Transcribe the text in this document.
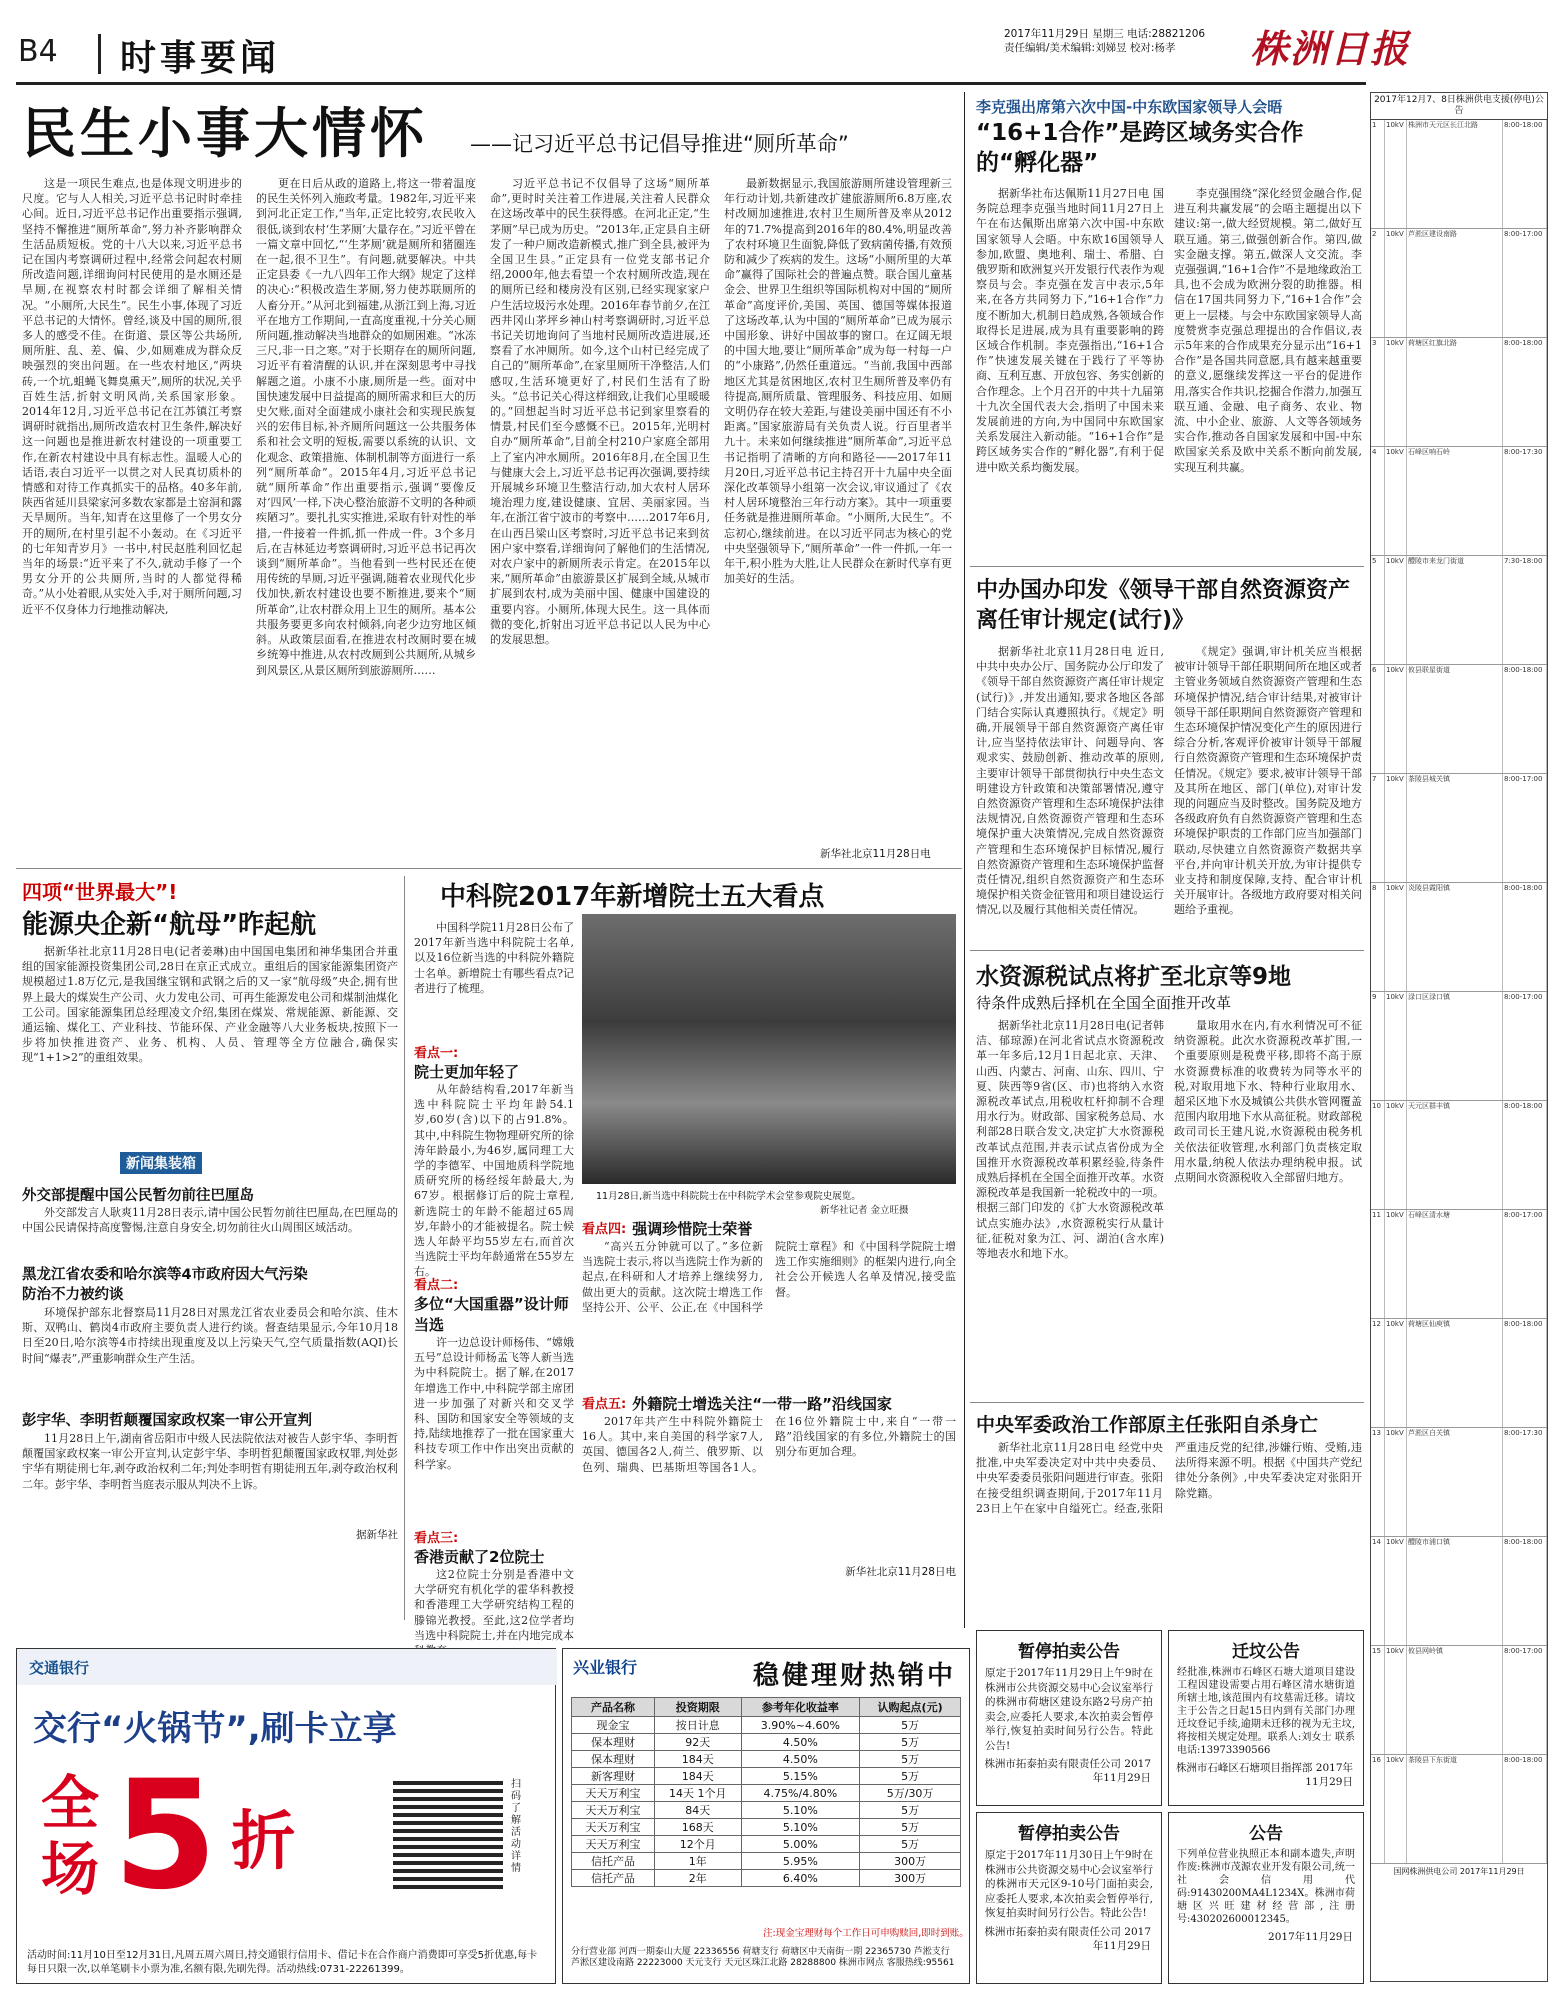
B4 时事要闻
2017年11月29日 星期三 电话:28821206
责任编辑/美术编辑:刘娣昱 校对:杨孝 株洲日报
民生小事大情怀 ——记习近平总书记倡导推进“厕所革命”

这是一项民生难点,也是体现文明进步的尺度。它与人人相关,习近平总书记时时牵挂心间。近日,习近平总书记作出重要指示强调,坚持不懈推进“厕所革命”,努力补齐影响群众生活品质短板。党的十八大以来,习近平总书记在国内考察调研过程中,经常会问起农村厕所改造问题,详细询问村民使用的是水厕还是旱厕,在视察农村时都会详细了解相关情况。“小厕所,大民生”。民生小事,体现了习近平总书记的大情怀。曾经,谈及中国的厕所,很多人的感受不佳。在街道、景区等公共场所,厕所脏、乱、差、偏、少,如厕难成为群众反映强烈的突出问题。在一些农村地区,“两块砖,一个坑,蛆蝇飞舞臭熏天”,厕所的状况,关乎百姓生活,折射文明风尚,关系国家形象。2014年12月,习近平总书记在江苏镇江考察调研时就指出,厕所改造农村卫生条件,解决好这一问题也是推进新农村建设的一项重要工作,在新农村建设中具有标志性。温暖人心的话语,表白习近平一以贯之对人民真切质朴的情感和对待工作真抓实干的品格。40多年前,陕西省延川县梁家河多数农家都是土窑洞和露天旱厕所。当年,知青在这里修了一个男女分开的厕所,在村里引起不小轰动。在《习近平的七年知青岁月》一书中,村民赵胜利回忆起当年的场景:“近平来了不久,就动手修了一个男女分开的公共厕所,当时的人都觉得稀奇。”从小处着眼,从实处入手,对于厕所问题,习近平不仅身体力行地推动解决,

更在日后从政的道路上,将这一带着温度的民生关怀列入施政考量。1982年,习近平来到河北正定工作,“当年,正定比较穷,农民收入很低,谈到农村‘生茅厕’大量存在。”习近平曾在一篇文章中回忆,“‘生茅厕’就是厕所和猪圈连在一起,很不卫生”。有问题,就要解决。中共正定县委《一九八四年工作大纲》规定了这样的决心:“积极改造生茅厕,努力使苏联厕所的人畜分开。”从河北到福建,从浙江到上海,习近平在地方工作期间,一直高度重视,十分关心厕所问题,推动解决当地群众的如厕困难。“冰冻三尺,非一日之寒。”对于长期存在的厕所问题,习近平有着清醒的认识,并在深刻思考中寻找解题之道。小康不小康,厕所是一些。面对中国快速发展中日益提高的厕所需求和巨大的历史欠账,面对全面建成小康社会和实现民族复兴的宏伟目标,补齐厕所问题这一公共服务体系和社会文明的短板,需要以系统的认识、文化观念、政策措施、体制机制等方面进行一系列“厕所革命”。2015年4月,习近平总书记就“厕所革命”作出重要指示,强调“要像反对‘四风’一样,下决心整治旅游不文明的各种顽疾陋习”。要扎扎实实推进,采取有针对性的举措,一件接着一件抓,抓一件成一件。3个多月后,在吉林延边考察调研时,习近平总书记再次谈到“厕所革命”。当他看到一些村民还在使用传统的旱厕,习近平强调,随着农业现代化步伐加快,新农村建设也要不断推进,要来个“厕所革命”,让农村群众用上卫生的厕所。基本公共服务要更多向农村倾斜,向老少边穷地区倾斜。从政策层面看,在推进农村改厕时要在城乡统筹中推进,从农村改厕到公共厕所,从城乡到风景区,从景区厕所到旅游厕所……

习近平总书记不仅倡导了这场“厕所革命”,更时时关注着工作进展,关注着人民群众在这场改革中的民生获得感。在河北正定,“生茅厕”早已成为历史。“2013年,正定县自主研发了一种户厕改造新模式,推广到全县,被评为全国卫生县。”正定县有一位党支部书记介绍,2000年,他去看望一个农村厕所改造,现在的厕所已经和楼房没有区别,已经实现家家户户生活垃圾污水处理。2016年春节前夕,在江西井冈山茅坪乡神山村考察调研时,习近平总书记关切地询问了当地村民厕所改造进展,还察看了水冲厕所。如今,这个山村已经完成了自己的“厕所革命”,在家里厕所干净整洁,人们感叹,生活环境更好了,村民们生活有了盼头。“总书记关心得这样细致,让我们心里暖暖的。”回想起当时习近平总书记到家里察看的情景,村民们至今感慨不已。2015年,光明村自办“厕所革命”,目前全村210户家庭全部用上了室内冲水厕所。2016年8月,在全国卫生与健康大会上,习近平总书记再次强调,要持续开展城乡环境卫生整洁行动,加大农村人居环境治理力度,建设健康、宜居、美丽家园。当年,在浙江省宁波市的考察中……2017年6月,在山西吕梁山区考察时,习近平总书记来到贫困户家中察看,详细询问了解他们的生活情况,对农户家中的新厕所表示肯定。在2015年以来,“厕所革命”由旅游景区扩展到全域,从城市扩展到农村,成为美丽中国、健康中国建设的重要内容。小厕所,体现大民生。这一具体而微的变化,折射出习近平总书记以人民为中心的发展思想。

最新数据显示,我国旅游厕所建设管理新三年行动计划,共新建改扩建旅游厕所6.8万座,农村改厕加速推进,农村卫生厕所普及率从2012年的71.7%提高到2016年的80.4%,明显改善了农村环境卫生面貌,降低了致病菌传播,有效预防和减少了疾病的发生。这场“小厕所里的大革命”赢得了国际社会的普遍点赞。联合国儿童基金会、世界卫生组织等国际机构对中国的“厕所革命”高度评价,美国、英国、德国等媒体报道了这场改革,认为中国的“厕所革命”已成为展示中国形象、讲好中国故事的窗口。在辽阔无垠的中国大地,要让“厕所革命”成为每一村每一户的“小康路”,仍然任重道远。“当前,我国中西部地区尤其是贫困地区,农村卫生厕所普及率仍有待提高,厕所质量、管理服务、科技应用、如厕文明仍存在较大差距,与建设美丽中国还有不小距离。”国家旅游局有关负责人说。行百里者半九十。未来如何继续推进“厕所革命”,习近平总书记指明了清晰的方向和路径——2017年11月20日,习近平总书记主持召开十九届中央全面深化改革领导小组第一次会议,审议通过了《农村人居环境整治三年行动方案》。其中一项重要任务就是推进厕所革命。“小厕所,大民生”。不忘初心,继续前进。在以习近平同志为核心的党中央坚强领导下,“厕所革命”一件一件抓,一年一年干,积小胜为大胜,让人民群众在新时代享有更加美好的生活。

新华社北京11月28日电
四项“世界最大”!
能源央企新“航母”昨起航

据新华社北京11月28日电(记者姜琳)由中国国电集团和神华集团合并重组的国家能源投资集团公司,28日在京正式成立。重组后的国家能源集团资产规模超过1.8万亿元,是我国继宝钢和武钢之后的又一家“航母级”央企,拥有世界上最大的煤炭生产公司、火力发电公司、可再生能源发电公司和煤制油煤化工公司。国家能源集团总经理凌文介绍,集团在煤炭、常规能源、新能源、交通运输、煤化工、产业科技、节能环保、产业金融等八大业务板块,按照下一步将加快推进资产、业务、机构、人员、管理等全方位融合,确保实现“1+1>2”的重组效果。

新闻集装箱
外交部提醒中国公民暂勿前往巴厘岛

外交部发言人耿爽11月28日表示,请中国公民暂勿前往巴厘岛,在巴厘岛的中国公民请保持高度警惕,注意自身安全,切勿前往火山周围区域活动。

黑龙江省农委和哈尔滨等4市政府因大气污染防治不力被约谈

环境保护部东北督察局11月28日对黑龙江省农业委员会和哈尔滨、佳木斯、双鸭山、鹤岗4市政府主要负责人进行约谈。督查结果显示,今年10月18日至20日,哈尔滨等4市持续出现重度及以上污染天气,空气质量指数(AQI)长时间“爆表”,严重影响群众生产生活。

彭宇华、李明哲颠覆国家政权案一审公开宣判

11月28日上午,湖南省岳阳市中级人民法院依法对被告人彭宇华、李明哲颠覆国家政权案一审公开宣判,认定彭宇华、李明哲犯颠覆国家政权罪,判处彭宇华有期徒刑七年,剥夺政治权利二年;判处李明哲有期徒刑五年,剥夺政治权利二年。彭宇华、李明哲当庭表示服从判决不上诉。

据新华社
中科院2017年新增院士五大看点

中国科学院11月28日公布了2017年新当选中科院院士名单,以及16位新当选的中科院外籍院士名单。新增院士有哪些看点?记者进行了梳理。

11月28日,新当选中科院院士在中科院学术会堂参观院史展览。
新华社记者 金立旺摄
看点一:
院士更加年轻了

从年龄结构看,2017年新当选中科院院士平均年龄54.1岁,60岁(含)以下的占91.8%。其中,中科院生物物理研究所的徐涛年龄最小,为46岁,属同理工大学的李德军、中国地质科学院地质研究所的杨经绥年龄最大,为67岁。根据修订后的院士章程,新选院士的年龄不能超过65周岁,年龄小的才能被提名。院士候选人年龄平均55岁左右,而首次当选院士平均年龄通常在55岁左右。

看点二:
多位“大国重器”设计师当选

许一边总设计师杨伟、“嫦娥五号”总设计师杨孟飞等人新当选为中科院院士。据了解,在2017年增选工作中,中科院学部主席团进一步加强了对新兴和交叉学科、国防和国家安全等领域的支持,陆续地推荐了一批在国家重大科技专项工作中作出突出贡献的科学家。

看点三:
香港贡献了2位院士

这2位院士分别是香港中文大学研究有机化学的霍华科教授和香港理工大学研究结构工程的滕锦光教授。至此,这2位学者均当选中科院院士,并在内地完成本

看点四: 强调珍惜院士荣誉

“高兴五分钟就可以了。”多位新当选院士表示,将以当选院士作为新的起点,在科研和人才培养上继续努力,做出更大的贡献。这次院士增选工作坚持公开、公平、公正,在《中国科学院院士章程》和《中国科学院院士增选工作实施细则》的框架内进行,向全社会公开候选人名单及情况,接受监督。

看点五: 外籍院士增选关注“一带一路”沿线国家

2017年共产生中科院外籍院士16人。其中,来自美国的科学家7人,英国、德国各2人,荷兰、俄罗斯、以色列、瑞典、巴基斯坦等国各1人。在16位外籍院士中,来自“一带一路”沿线国家的有多位,外籍院士的国别分布更加合理。

新华社北京11月28日电
李克强出席第六次中国-中东欧国家领导人会晤
“16+1合作”是跨区域务实合作的“孵化器”

据新华社布达佩斯11月27日电 国务院总理李克强当地时间11月27日上午在布达佩斯出席第六次中国-中东欧国家领导人会晤。中东欧16国领导人参加,欧盟、奥地利、瑞士、希腊、白俄罗斯和欧洲复兴开发银行代表作为观察员与会。李克强在发言中表示,5年来,在各方共同努力下,“16+1合作”力度不断加大,机制日趋成熟,各领域合作取得长足进展,成为具有重要影响的跨区域合作机制。李克强指出,“16+1合作”快速发展关键在于践行了平等协商、互利互惠、开放包容、务实创新的合作理念。上个月召开的中共十九届第十九次全国代表大会,指明了中国未来发展前进的方向,为中国同中东欧国家关系发展注入新动能。“16+1合作”是跨区域务实合作的“孵化器”,有利于促进中欧关系均衡发展。

李克强围绕“深化经贸金融合作,促进互利共赢发展”的会晤主题提出以下建议:第一,做大经贸规模。第二,做好互联互通。第三,做强创新合作。第四,做实金融支撑。第五,做深人文交流。李克强强调,“16+1合作”不是地缘政治工具,也不会成为欧洲分裂的助推器。相信在17国共同努力下,“16+1合作”会更上一层楼。与会中东欧国家领导人高度赞赏李克强总理提出的合作倡议,表示5年来的合作成果充分显示出“16+1合作”是各国共同意愿,具有越来越重要的意义,愿继续发挥这一平台的促进作用,落实合作共识,挖掘合作潜力,加强互联互通、金融、电子商务、农业、物流、中小企业、旅游、人文等各领域务实合作,推动各自国家发展和中国-中东欧国家关系及欧中关系不断向前发展,实现互利共赢。

中办国办印发《领导干部自然资源资产离任审计规定(试行)》

据新华社北京11月28日电 近日,中共中央办公厅、国务院办公厅印发了《领导干部自然资源资产离任审计规定(试行)》,并发出通知,要求各地区各部门结合实际认真遵照执行。《规定》明确,开展领导干部自然资源资产离任审计,应当坚持依法审计、问题导向、客观求实、鼓励创新、推动改革的原则,主要审计领导干部贯彻执行中央生态文明建设方针政策和决策部署情况,遵守自然资源资产管理和生态环境保护法律法规情况,自然资源资产管理和生态环境保护重大决策情况,完成自然资源资产管理和生态环境保护目标情况,履行自然资源资产管理和生态环境保护监督责任情况,组织自然资源资产和生态环境保护相关资金征管用和项目建设运行情况,以及履行其他相关责任情况。

《规定》强调,审计机关应当根据被审计领导干部任职期间所在地区或者主管业务领域自然资源资产管理和生态环境保护情况,结合审计结果,对被审计领导干部任职期间自然资源资产管理和生态环境保护情况变化产生的原因进行综合分析,客观评价被审计领导干部履行自然资源资产管理和生态环境保护责任情况。《规定》要求,被审计领导干部及其所在地区、部门(单位),对审计发现的问题应当及时整改。国务院及地方各级政府负有自然资源资产管理和生态环境保护职责的工作部门应当加强部门联动,尽快建立自然资源资产数据共享平台,并向审计机关开放,为审计提供专业支持和制度保障,支持、配合审计机关开展审计。各级地方政府要对相关问题给予重视。

水资源税试点将扩至北京等9地
待条件成熟后择机在全国全面推开改革

据新华社北京11月28日电(记者韩洁、郁琼源)在河北省试点水资源税改革一年多后,12月1日起北京、天津、山西、内蒙古、河南、山东、四川、宁夏、陕西等9省(区、市)也将纳入水资源税改革试点,用税收杠杆抑制不合理用水行为。财政部、国家税务总局、水利部28日联合发文,决定扩大水资源税改革试点范围,并表示试点省份成为全国推开水资源税改革积累经验,待条件成熟后择机在全国全面推开改革。水资源税改革是我国新一轮税改中的一项。根据三部门印发的《扩大水资源税改革试点实施办法》,水资源税实行从量计征,征税对象为江、河、湖泊(含水库)等地表水和地下水。

量取用水在内,有水利情况可不征纳资源税。此次水资源税改革扩围,一个重要原则是税费平移,即将不高于原水资源费标准的收费转为同等水平的税,对取用地下水、特种行业取用水、超采区地下水及城镇公共供水管网覆盖范围内取用地下水从高征税。财政部税政司司长王建凡说,水资源税由税务机关依法征收管理,水利部门负责核定取用水量,纳税人依法办理纳税申报。试点期间水资源税收入全部留归地方。

中央军委政治工作部原主任张阳自杀身亡

新华社北京11月28日电 经党中央批准,中央军委决定对中共中央委员、中央军委委员张阳问题进行审查。张阳在接受组织调查期间,于2017年11月23日上午在家中自缢死亡。经查,张阳严重违反党的纪律,涉嫌行贿、受贿,违法所得来源不明。根据《中国共产党纪律处分条例》,中央军委决定对张阳开除党籍。

暂停拍卖公告
原定于2017年11月29日上午9时在株洲市公共资源交易中心会议室举行的株洲市荷塘区建设东路2号房产拍卖会,应委托人要求,本次拍卖会暂停举行,恢复拍卖时间另行公告。特此公告!
株洲市拓泰拍卖有限责任公司 2017年11月29日
迁坟公告
经批准,株洲市石峰区石塘大道项目建设工程因建设需要占用石峰区清水塘街道所辖土地,该范围内有坟墓需迁移。请坟主于公告之日起15日内到有关部门办理迁坟登记手续,逾期未迁移的视为无主坟,将按相关规定处理。联系人:刘女士 联系电话:13973390566
株洲市石峰区石塘项目指挥部 2017年11月29日
暂停拍卖公告
原定于2017年11月30日上午9时在株洲市公共资源交易中心会议室举行的株洲市天元区9-10号门面拍卖会,应委托人要求,本次拍卖会暂停举行,恢复拍卖时间另行公告。特此公告!
株洲市拓泰拍卖有限责任公司 2017年11月29日
公告
下列单位营业执照正本和副本遗失,声明作废:株洲市茂源农业开发有限公司,统一社会信用代码:91430200MA4L1234X。株洲市荷塘区兴旺建材经营部,注册号:430202600012345。
2017年11月29日
交通银行
交行“火锅节”,刷卡立享
全
场 5 折
扫码了解活动详情
活动时间:11月10日至12月31日,凡周五周六周日,持交通银行信用卡、借记卡在合作商户消费即可享受5折优惠,每卡每日只限一次,以单笔刷卡小票为准,名额有限,先刷先得。活动热线:0731-22261399。
兴业银行	稳健理财热销中
产品名称	投资期限	参考年化收益率	认购起点(元)
现金宝	按日计息	3.90%~4.60%	5万
保本理财	92天	4.50%	5万
保本理财	184天	4.50%	5万
新客理财	184天	5.15%	5万
天天万利宝	14天 1个月	4.75%/4.80%	5万/30万
天天万利宝	84天	5.10%	5万
天天万利宝	168天	5.10%	5万
天天万利宝	12个月	5.00%	5万
信托产品	1年	5.95%	300万
信托产品	2年	6.40%	300万
注:现金宝理财每个工作日可申购赎回,即时到账。
分行营业部 河西一期泰山大厦 22336556 荷塘支行 荷塘区中天南街一期 22365730 芦淞支行 芦淞区建设南路 22223000 天元支行 天元区珠江北路 28288800 株洲市网点 客服热线:95561
2017年12月7、8日株洲供电支援(停电)公告
1	10kV 株洲市天元区长江北路	8:00-18:00
2	10kV 芦淞区建设南路	8:00-17:00
3	10kV 荷塘区红旗北路	8:00-18:00
4	10kV 石峰区响石岭	8:00-17:30
5	10kV 醴陵市来龙门街道	7:30-18:00
6	10kV 攸县联星街道	8:00-18:00
7	10kV 茶陵县城关镇	8:00-17:00
8	10kV 炎陵县霞阳镇	8:00-18:00
9	10kV 渌口区渌口镇	8:00-17:00
10 10kV 天元区群丰镇	8:00-18:00
11 10kV 石峰区清水塘	8:00-17:00
12 10kV 荷塘区仙庾镇	8:00-18:00
13 10kV 芦淞区白关镇	8:00-17:30
14 10kV 醴陵市浦口镇	8:00-18:00
15 10kV 攸县网岭镇	8:00-17:00
16 10kV 茶陵县下东街道	8:00-18:00
国网株洲供电公司 2017年11月29日
